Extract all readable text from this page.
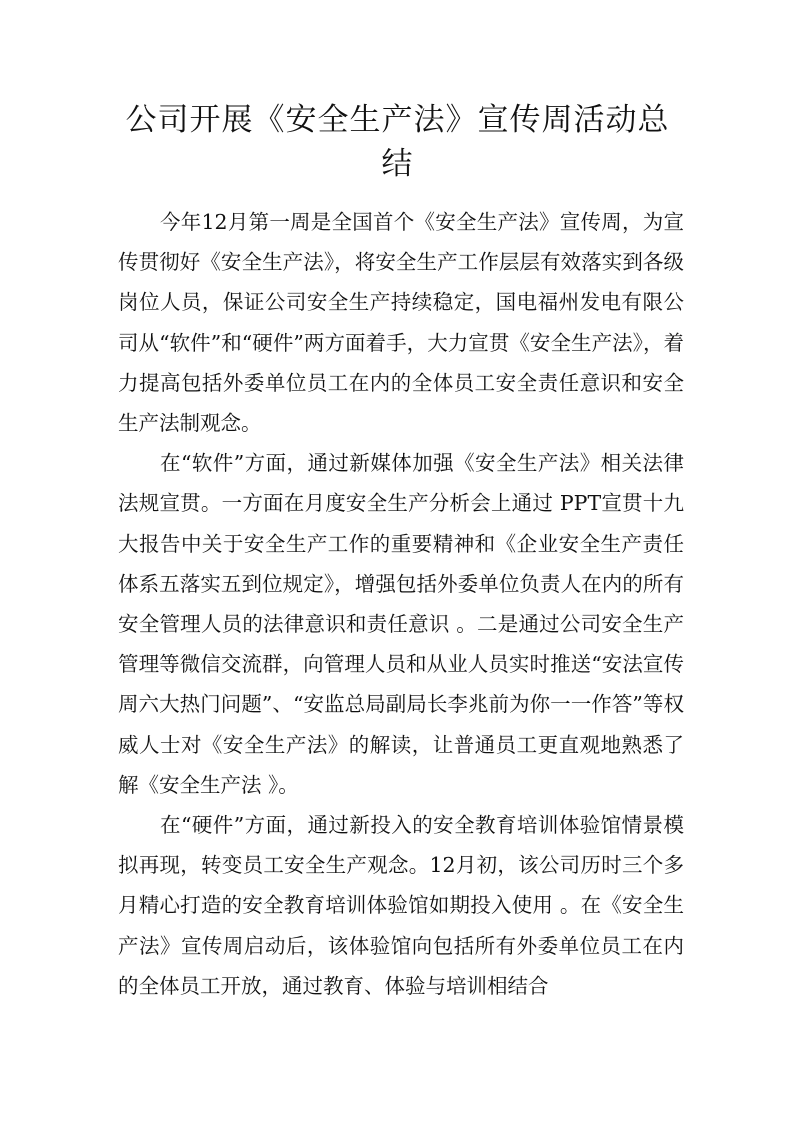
公司开展《安全生产法》宣传周活动总结

今年12月第一周是全国首个《安全生产法》宣传周，为宣传贯彻好《安全生产法》，将安全生产工作层层有效落实到各级岗位人员，保证公司安全生产持续稳定，国电福州发电有限公司从“软件”和“硬件”两方面着手，大力宣贯《安全生产法》，着力提高包括外委单位员工在内的全体员工安全责任意识和安全生产法制观念。

在“软件”方面，通过新媒体加强《安全生产法》相关法律法规宣贯。一方面在月度安全生产分析会上通过 PPT宣贯十九大报告中关于安全生产工作的重要精神和《企业安全生产责任体系五落实五到位规定》，增强包括外委单位负责人在内的所有安全管理人员的法律意识和责任意识 。二是通过公司安全生产管理等微信交流群，向管理人员和从业人员实时推送“安法宣传周六大热门问题”、“安监总局副局长李兆前为你一一作答”等权威人士对《安全生产法》的解读，让普通员工更直观地熟悉了解《安全生产法 》。

在“硬件”方面，通过新投入的安全教育培训体验馆情景模拟再现，转变员工安全生产观念。12月初，该公司历时三个多月精心打造的安全教育培训体验馆如期投入使用 。在《安全生产法》宣传周启动后，该体验馆向包括所有外委单位员工在内的全体员工开放，通过教育、体验与培训相结合
